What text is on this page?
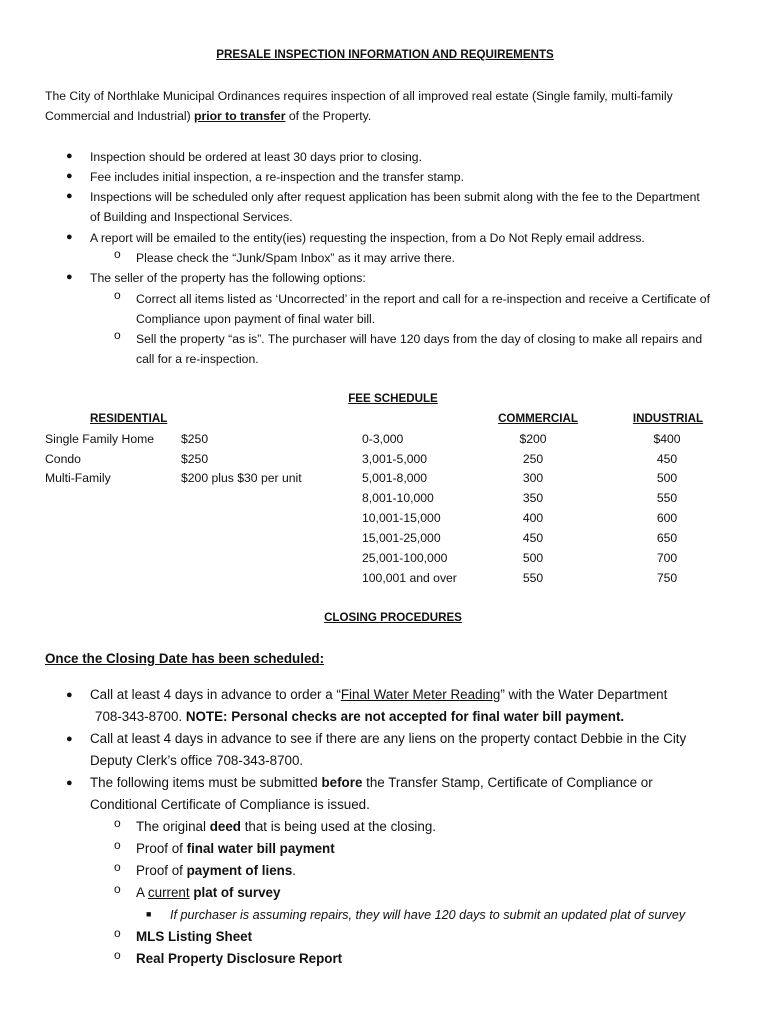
PRESALE INSPECTION INFORMATION AND REQUIREMENTS
The City of Northlake Municipal Ordinances requires inspection of all improved real estate (Single family, multi-family
Commercial and Industrial) prior to transfer of the Property.
● Inspection should be ordered at least 30 days prior to closing.
● Fee includes initial inspection, a re-inspection and the transfer stamp.
● Inspections will be scheduled only after request application has been submit along with the fee to the Department
of Building and Inspectional Services.
● A report will be emailed to the entity(ies) requesting the inspection, from a Do Not Reply email address.
o Please check the “Junk/Spam Inbox” as it may arrive there.
● The seller of the property has the following options:
o Correct all items listed as ‘Uncorrected’ in the report and call for a re-inspection and receive a Certificate of
Compliance upon payment of final water bill.
o Sell the property “as is”. The purchaser will have 120 days from the day of closing to make all repairs and
call for a re-inspection.
FEE SCHEDULE
RESIDENTIAL	COMMERCIAL	INDUSTRIAL
Single Family Home $250
Condo	$250
Multi-Family	$200 plus $30 per unit
0-3,000	$200	$400
3,001-5,000	250	450
5,001-8,000	300	500
8,001-10,000	350	550
10,001-15,000	400	600
15,001-25,000	450	650
25,001-100,000	500	700
100,001 and over	550	750
CLOSING PROCEDURES
Once the Closing Date has been scheduled:
● Call at least 4 days in advance to order a “Final Water Meter Reading” with the Water Department
708-343-8700. NOTE: Personal checks are not accepted for final water bill payment.
● Call at least 4 days in advance to see if there are any liens on the property contact Debbie in the City
Deputy Clerk’s office 708-343-8700.
● The following items must be submitted before the Transfer Stamp, Certificate of Compliance or
Conditional Certificate of Compliance is issued.
o The original deed that is being used at the closing.
o Proof of final water bill payment
o Proof of payment of liens.
o A current plat of survey
■ If purchaser is assuming repairs, they will have 120 days to submit an updated plat of survey
o MLS Listing Sheet
o Real Property Disclosure Report
